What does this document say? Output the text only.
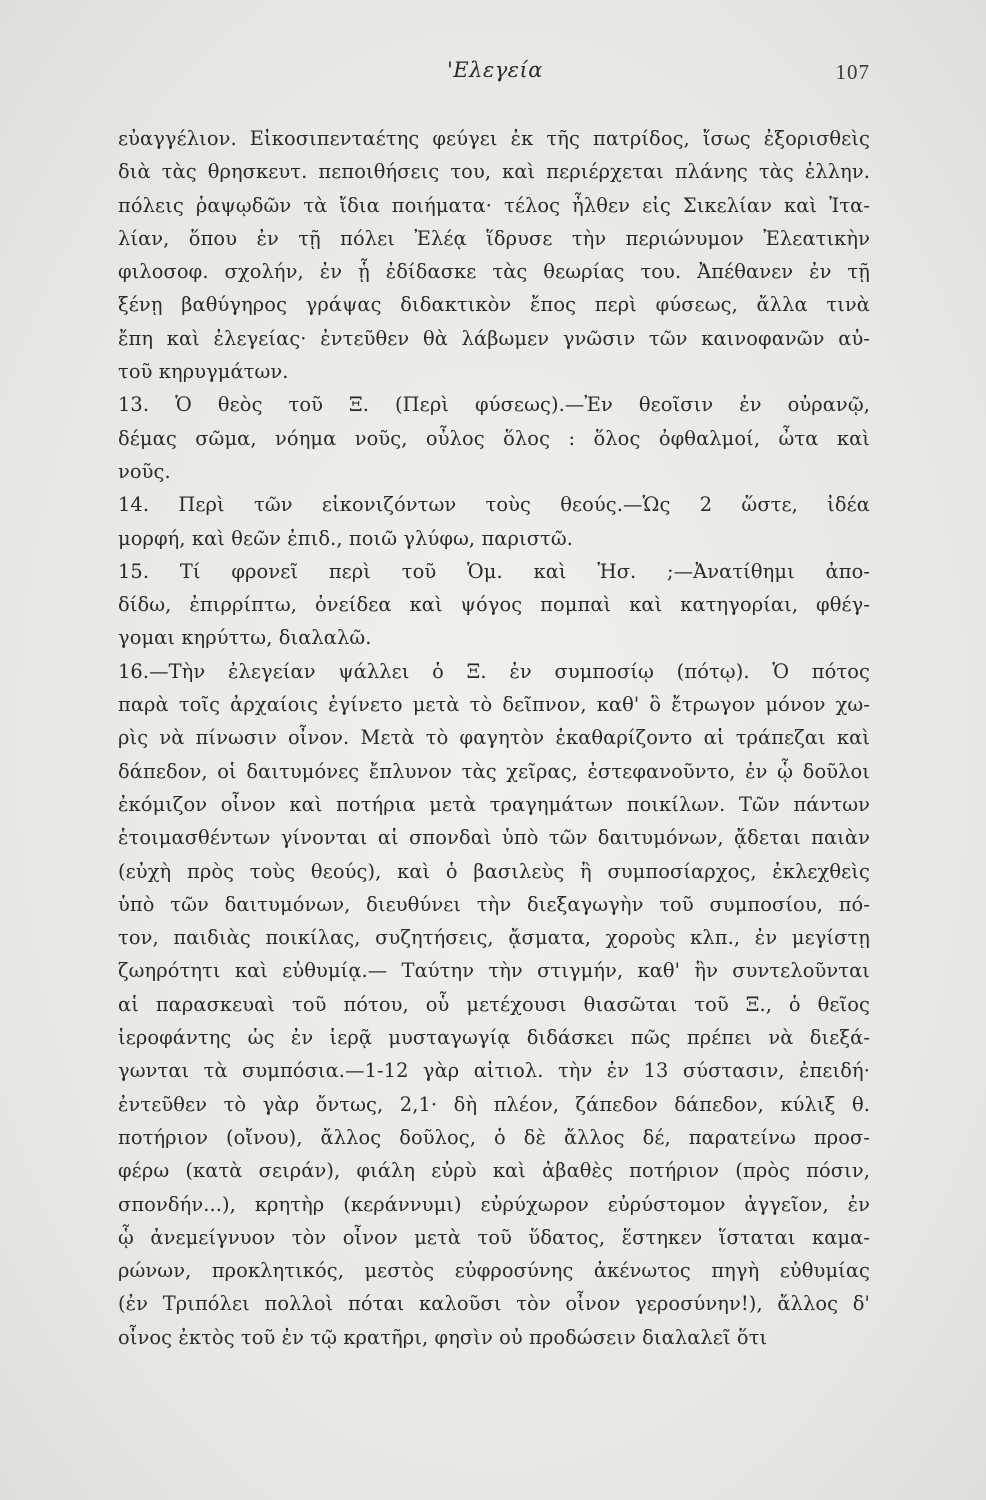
'Ελεγεία	107
εὐαγγέλιον. Εἰκοσιπενταέτης φεύγει ἐκ τῆς πατρίδος, ἴσως ἐξορισθεὶς
διὰ τὰς θρησκευτ. πεποιθήσεις του, καὶ περιέρχεται πλάνης τὰς ἑλλην.
πόλεις ῥαψῳδῶν τὰ ἴδια ποιήματα· τέλος ἦλθεν εἰς Σικελίαν καὶ Ἰτα-
λίαν, ὅπου ἐν τῇ πόλει Ἐλέᾳ ἵδρυσε τὴν περιώνυμον Ἐλεατικὴν
φιλοσοφ. σχολήν, ἐν ᾗ ἐδίδασκε τὰς θεωρίας του. Ἀπέθανεν ἐν τῇ
ξένῃ βαθύγηρος γράψας διδακτικὸν ἔπος περὶ φύσεως, ἄλλα τινὰ
ἔπη καὶ ἐλεγείας· ἐντεῦθεν θὰ λάβωμεν γνῶσιν τῶν καινοφανῶν αὐ-
τοῦ κηρυγμάτων.
13. Ὁ θεὸς τοῦ Ξ. (Περὶ φύσεως).—Ἐν θεοῖσιν ἐν οὐρανῷ,
δέμας σῶμα, νόημα νοῦς, οὖλος ὅλος : ὅλος ὀφθαλμοί, ὦτα καὶ
νοῦς.
14. Περὶ τῶν εἰκονιζόντων τοὺς θεούς.—Ὡς 2 ὥστε, ἰδέα
μορφή, καὶ θεῶν ἐπιδ., ποιῶ γλύφω, παριστῶ.
15. Τί φρονεῖ περὶ τοῦ Ὁμ. καὶ Ἡσ. ;—Ἀνατίθημι ἀπο-
δίδω, ἐπιρρίπτω, ὀνείδεα καὶ ψόγος πομπαὶ καὶ κατηγορίαι, φθέγ-
γομαι κηρύττω, διαλαλῶ.
16.—Τὴν ἐλεγείαν ψάλλει ὁ Ξ. ἐν συμποσίῳ (πότῳ). Ὁ πότος
παρὰ τοῖς ἀρχαίοις ἐγίνετο μετὰ τὸ δεῖπνον, καθ' ὃ ἔτρωγον μόνον χω-
ρὶς νὰ πίνωσιν οἶνον. Μετὰ τὸ φαγητὸν ἐκαθαρίζοντο αἱ τράπεζαι καὶ
δάπεδον, οἱ δαιτυμόνες ἔπλυνον τὰς χεῖρας, ἐστεφανοῦντο, ἐν ᾧ δοῦλοι
ἐκόμιζον οἶνον καὶ ποτήρια μετὰ τραγημάτων ποικίλων. Τῶν πάντων
ἑτοιμασθέντων γίνονται αἱ σπονδαὶ ὑπὸ τῶν δαιτυμόνων, ᾄδεται παιὰν
(εὐχὴ πρὸς τοὺς θεούς), καὶ ὁ βασιλεὺς ἢ συμποσίαρχος, ἐκλεχθεὶς
ὑπὸ τῶν δαιτυμόνων, διευθύνει τὴν διεξαγωγὴν τοῦ συμποσίου, πό-
τον, παιδιὰς ποικίλας, συζητήσεις, ᾄσματα, χοροὺς κλπ., ἐν μεγίστῃ
ζωηρότητι καὶ εὐθυμίᾳ.— Ταύτην τὴν στιγμήν, καθ' ἣν συντελοῦνται
αἱ παρασκευαὶ τοῦ πότου, οὗ μετέχουσι θιασῶται τοῦ Ξ., ὁ θεῖος
ἱεροφάντης ὡς ἐν ἱερᾷ μυσταγωγίᾳ διδάσκει πῶς πρέπει νὰ διεξά-
γωνται τὰ συμπόσια.—1-12 γὰρ αἰτιολ. τὴν ἐν 13 σύστασιν, ἐπειδή·
ἐντεῦθεν τὸ γὰρ ὄντως, 2,1· δὴ πλέον, ζάπεδον δάπεδον, κύλιξ θ.
ποτήριον (οἴνου), ἄλλος δοῦλος, ὁ δὲ ἄλλος δέ, παρατείνω προσ-
φέρω (κατὰ σειράν), φιάλη εὐρὺ καὶ ἀβαθὲς ποτήριον (πρὸς πόσιν,
σπονδήν...), κρητὴρ (κεράννυμι) εὐρύχωρον εὐρύστομον ἀγγεῖον, ἐν
ᾧ ἀνεμείγνυον τὸν οἶνον μετὰ τοῦ ὕδατος, ἕστηκεν ἵσταται καμα-
ρώνων, προκλητικός, μεστὸς εὐφροσύνης ἀκένωτος πηγὴ εὐθυμίας
(ἐν Τριπόλει πολλοὶ πόται καλοῦσι τὸν οἶνον γεροσύνην!), ἄλλος δ'
οἶνος ἐκτὸς τοῦ ἐν τῷ κρατῆρι, φησὶν οὐ προδώσειν διαλαλεῖ ὅτι
